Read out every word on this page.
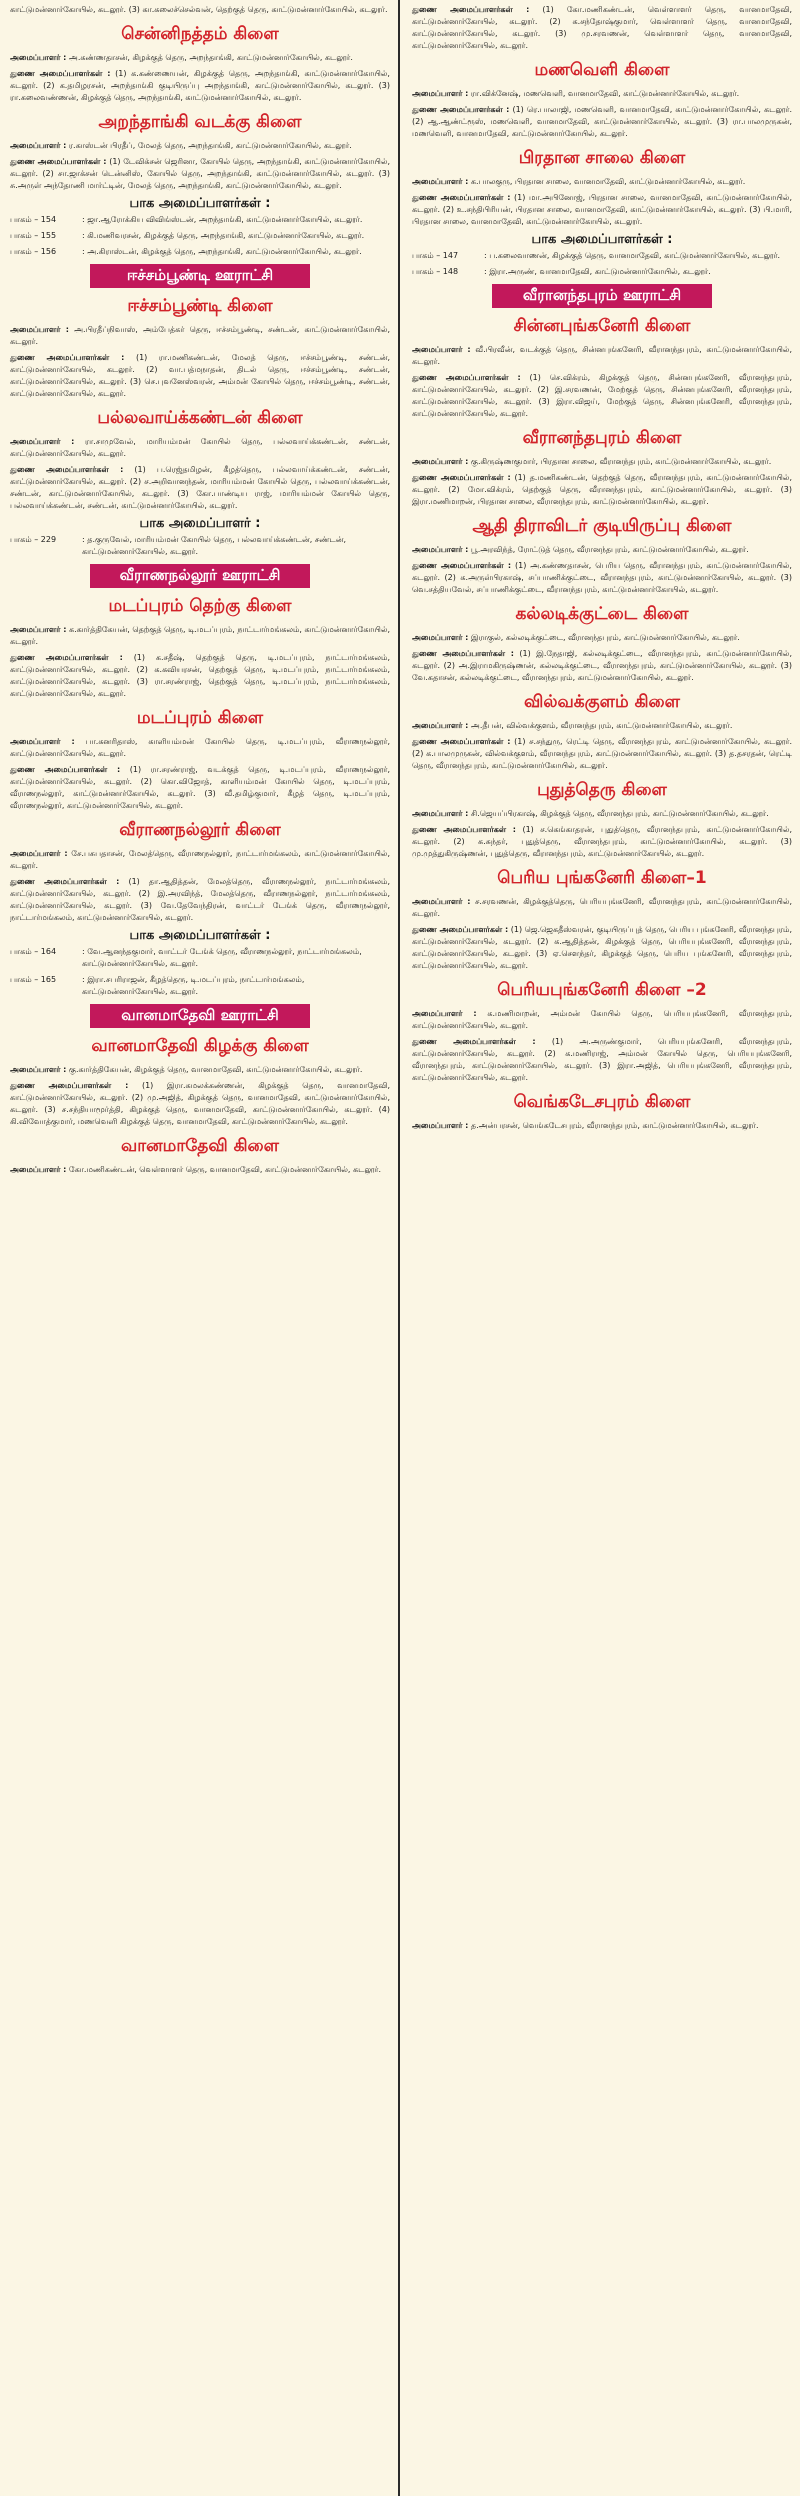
காட்டுமன்னார்கோயில், கடலூர். (3) கா.கலைச்செல்வன், தெற்குத் தெரு, காட்டுமன்னார்கோயில், கடலூர்.
சென்னிநத்தம் கிளை
அமைப்பாளர் : அ.கண்ணதாசன், கிழக்குத் தெரு, அறந்தாங்கி, காட்டுமன்னார்கோயில், கடலூர்.
துணை அமைப்பாளர்கள் : (1) க.கண்ணையன், கிழக்குத் தெரு, அறந்தாங்கி, காட்டுமன்னார்கோயில், கடலூர். (2) க.தமிழரசன், அறந்தாங்கி குடியிருப்பு அறந்தாங்கி, காட்டுமன்னார்கோயில், கடலூர். (3) ரா.கலைவண்ணன், கிழக்குத் தெரு, அறந்தாங்கி, காட்டுமன்னார்கோயில், கடலூர்.
அறந்தாங்கி வடக்கு கிளை
அமைப்பாளர் : ர.காஸ்டன் பிரதீப், மேலத் தெரு, அறந்தாங்கி, காட்டுமன்னார்கோயில், கடலூர்.
துணை அமைப்பாளர்கள் : (1) டேவிக்சன் ஜெரினா, கோயில் தெரு, அறந்தாங்கி, காட்டுமன்னார்கோயில், கடலூர். (2) சா.ஜாக்சன் டென்னிஸ், கோயில் தெரு, அறந்தாங்கி, காட்டுமன்னார்கோயில், கடலூர். (3) சு.அருள் அந்தோணி மார்ட்டின், மேலத் தெரு, அறந்தாங்கி, காட்டுமன்னார்கோயில், கடலூர்.
பாக அமைப்பாளர்கள் :
பாகம் – 154	: ஜா.ஆரோக்கிய விவிங்ஸ்டன், அறந்தாங்கி, காட்டுமன்னார்கோயில், கடலூர்.
பாகம் – 155	: கி.மணிவரசன், கிழக்குத் தெரு, அறந்தாங்கி, காட்டுமன்னார்கோயில், கடலூர்.
பாகம் – 156	: அ.கிராஸ்டன், கிழக்குத் தெரு, அறந்தாங்கி, காட்டுமன்னார்கோயில், கடலூர்.
ஈச்சம்பூண்டி ஊராட்சி
ஈச்சம்பூண்டி கிளை
அமைப்பாளர் : அ.பிரதீப்நிவாஸ், அம்பேத்கர் தெரு, ஈச்சம்பூண்டி, சண்டன், காட்டுமன்னார்கோயில், கடலூர்.
துணை அமைப்பாளர்கள் : (1) ரா.மணிகண்டன், மேலத் தெரு, ஈச்சம்பூண்டி, சண்டன், காட்டுமன்னார்கோயில், கடலூர். (2) வா.பத்மநாதன், திடல் தெரு, ஈச்சம்பூண்டி, சண்டன், காட்டுமன்னார்கோயில், கடலூர். (3) செ.புவனேஸ்வரன், அம்மன் கோயில் தெரு, ஈச்சம்பூண்டி, சண்டன், காட்டுமன்னார்கோயில், கடலூர்.
பல்லவாய்க்கண்டன் கிளை
அமைப்பாளர் : ரா.சாமுவேல், மாரியம்மன் கோயில் தெரு, பல்லவாய்க்கண்டன், சண்டன், காட்டுமன்னார்கோயில், கடலூர்.
துணை அமைப்பாளர்கள் : (1) ப.ரெஜ்தமிழன், கீழத்தெரு, பல்லவாய்க்கண்டன், சண்டன், காட்டுமன்னார்கோயில், கடலூர். (2) ச.அறிவானந்தன், மாரியம்மன் கோயில் தெரு, பல்லவாய்க்கண்டன், சண்டன், காட்டுமன்னார்கோயில், கடலூர். (3) கோ.பாண்டிய ராஜ், மாரியம்மன் கோயில் தெரு, பல்லவாய்க்கண்டன், சண்டன், காட்டுமன்னார்கோயில், கடலூர்.
பாக அமைப்பாளர் :
பாகம் – 229	: த.குருவேல், மாரியம்மன் கோயில் தெரு, பல்லவாய்க்கண்டன், சண்டன், காட்டுமன்னார்கோயில், கடலூர்.
வீராணநல்லூர் ஊராட்சி
மடப்புரம் தெற்கு கிளை
அமைப்பாளர் : க.கார்த்திகேயன், தெற்குத் தெரு, டி.மடப்புரம், நாட்டார்மங்கலம், காட்டுமன்னார்கோயில், கடலூர்.
துணை அமைப்பாளர்கள் : (1) க.சதீஷ், தெற்குத் தெரு, டி.மடப்புரம், நாட்டார்மங்கலம், காட்டுமன்னார்கோயில், கடலூர். (2) க.கவியரசன், தெற்குத் தெரு, டி.மடப்புரம், நாட்டார்மங்கலம், காட்டுமன்னார்கோயில், கடலூர். (3) ரா.சரண்ராஜ், தெற்குத் தெரு, டி.மடப்புரம், நாட்டார்மங்கலம், காட்டுமன்னார்கோயில், கடலூர்.
மடப்புரம் கிளை
அமைப்பாளர் : பா.கனரிதாஸ், காளியம்மன் கோயில் தெரு, டி.மடப்புரம், வீராணநல்லூர், காட்டுமன்னார்கோயில், கடலூர்.
துணை அமைப்பாளர்கள் : (1) ரா.சரண்ராஜ், வடக்குத் தெரு, டி.மடப்புரம், வீராணநல்லூர், காட்டுமன்னார்கோயில், கடலூர். (2) கொ.விஜோத், காளியம்மன் கோயில் தெரு, டி.மடப்புரம், வீராணநல்லூர், காட்டுமன்னார்கோயில், கடலூர். (3) வீ.தமிழ்குமார், கீழத் தெரு, டி.மடப்புரம், வீராணநல்லூர், காட்டுமன்னார்கோயில், கடலூர்.
வீராணநல்லூர் கிளை
அமைப்பாளர் : சே.பசுபதாசன், மேலத்தெரு, வீராணநல்லூர், நாட்டார்மங்கலம், காட்டுமன்னார்கோயில், கடலூர்.
துணை அமைப்பாளர்கள் : (1) தா.ஆதித்தன், மேலத்தெரு, வீராணநல்லூர், நாட்டார்மங்கலம், காட்டுமன்னார்கோயில், கடலூர். (2) இ.அரவிந்த், மேலத்தெரு, வீராணநல்லூர், நாட்டார்மங்கலம், காட்டுமன்னார்கோயில், கடலூர். (3) வே.தேவேந்திரன், வாட்டர் டேங்க் தெரு, வீராணநல்லூர், நாட்டார்மங்கலம், காட்டுமன்னார்கோயில், கடலூர்.
பாக அமைப்பாளர்கள் :
பாகம் – 164	: வே.ஆனந்தகுமார், வாட்டர் டேங்க் தெரு, வீராணநல்லூர், நாட்டார்மங்கலம், காட்டுமன்னார்கோயில், கடலூர்.
பாகம் – 165	: இரா.சபரிராஜன், கீழத்தெரு, டி.மடப்புரம், நாட்டார்மங்கலம், காட்டுமன்னார்கோயில், கடலூர்.
வானமாதேவி ஊராட்சி
வானமாதேவி கிழக்கு கிளை
அமைப்பாளர் : கு.கார்த்திகேயன், கிழக்குத் தெரு, வானமாதேவி, காட்டுமன்னார்கோயில், கடலூர்.
துணை அமைப்பாளர்கள் : (1) இரா.கமலக்கண்ணன், கிழக்குத் தெரு, வானமாதேவி, காட்டுமன்னார்கோயில், கடலூர். (2) மு.அஜித், கிழக்குத் தெரு, வானமாதேவி, காட்டுமன்னார்கோயில், கடலூர். (3) ச.சந்தியாமூர்த்தி, கிழக்குத் தெரு, வானமாதேவி, காட்டுமன்னார்கோயில், கடலூர். (4) கி.விவோத்குமார், மணவெளி கிழக்குத் தெரு, வானமாதேவி, காட்டுமன்னார்கோயில், கடலூர்.
வானமாதேவி கிளை
அமைப்பாளர் : கோ.மணிகண்டன், வெள்ளாளர் தெரு, வானமாதேவி, காட்டுமன்னார்கோயில், கடலூர்.
துணை அமைப்பாளர்கள் : (1) கோ.மணிகண்டன், வெள்ளாளர் தெரு, வானமாதேவி, காட்டுமன்னார்கோயில், கடலூர். (2) க.சந்தோஷ்குமார், வெள்ளாளர் தெரு, வானமாதேவி, காட்டுமன்னார்கோயில், கடலூர். (3) மு.சரவணன், வெள்ளாளர் தெரு, வானமாதேவி, காட்டுமன்னார்கோயில், கடலூர்.
மணவெளி கிளை
அமைப்பாளர் : ரா.விக்னேஷ், மணவெளி, வானமாதேவி, காட்டுமன்னார்கோயில், கடலூர்.
துணை அமைப்பாளர்கள் : (1) ரெ.பாலாஜி, மணவெளி, வானமாதேவி, காட்டுமன்னார்கோயில், கடலூர். (2) ஆ.ஆண்ட்ரூஸ், மணவெளி, வானமாதேவி, காட்டுமன்னார்கோயில், கடலூர். (3) ரா.பாலமுருகன், மணவெளி, வானமாதேவி, காட்டுமன்னார்கோயில், கடலூர்.
பிரதான சாலை கிளை
அமைப்பாளர் : க.பாலகுரு, பிரதான சாலை, வானமாதேவி, காட்டுமன்னார்கோயில், கடலூர்.
துணை அமைப்பாளர்கள் : (1) மா.அபினோஜ், பிரதான சாலை, வானமாதேவி, காட்டுமன்னார்கோயில், கடலூர். (2) உ.சந்திபிரியன், பிரதான சாலை, வானமாதேவி, காட்டுமன்னார்கோயில், கடலூர். (3) பி.மாரி, பிரதான சாலை, வானமாதேவி, காட்டுமன்னார்கோயில், கடலூர்.
பாக அமைப்பாளர்கள் :
பாகம் – 147	: ப.கலைவாணன், கிழக்குத் தெரு, வானமாதேவி, காட்டுமன்னார்கோயில், கடலூர்.
பாகம் – 148	: இரா.அருண், வானமாதேவி, காட்டுமன்னார்கோயில், கடலூர்.
வீரானந்தபுரம் ஊராட்சி
சின்னபுங்கனேரி கிளை
அமைப்பாளர் : வீ.பிரவீன், வடக்குத் தெரு, சின்னபுங்கனேரி, வீரானந்தபுரம், காட்டுமன்னார்கோயில், கடலூர்.
துணை அமைப்பாளர்கள் : (1) செ.விக்ரம், கிழக்குத் தெரு, சின்னபுங்கனேரி, வீரானந்தபுரம், காட்டுமன்னார்கோயில், கடலூர். (2) இ.சரவணன், மேற்குத் தெரு, சின்னபுங்கனேரி, வீரானந்தபுரம், காட்டுமன்னார்கோயில், கடலூர். (3) இரா.விஜய், மேற்குத் தெரு, சின்னபுங்கனேரி, வீரானந்தபுரம், காட்டுமன்னார்கோயில், கடலூர்.
வீரானந்தபுரம் கிளை
அமைப்பாளர் : கு.கிருஷ்ணகுமார், பிரதான சாலை, வீரானந்தபுரம், காட்டுமன்னார்கோயில், கடலூர்.
துணை அமைப்பாளர்கள் : (1) த.மணிகண்டன், தெற்குத் தெரு, வீரானந்தபுரம், காட்டுமன்னார்கோயில், கடலூர். (2) மோ.விக்ரம், தெற்குத் தெரு, வீரானந்தபுரம், காட்டுமன்னார்கோயில், கடலூர். (3) இரா.மணிமாறன், பிரதான சாலை, வீரானந்தபுரம், காட்டுமன்னார்கோயில், கடலூர்.
ஆதி திராவிடர் குடியிருப்பு கிளை
அமைப்பாளர் : பூ.அரவிந்த், ரோட்டுத் தெரு, வீரானந்தபுரம், காட்டுமன்னார்கோயில், கடலூர்.
துணை அமைப்பாளர்கள் : (1) அ.கண்ணதாசன், பெரிய தெரு, வீரானந்தபுரம், காட்டுமன்னார்கோயில், கடலூர். (2) க.அருள்பிரகாஷ், சப்பாணிக்குட்டை, வீரானந்தபுரம், காட்டுமன்னார்கோயில், கடலூர். (3) வெ.சத்தியவேல், சப்பாணிக்குட்டை, வீரானந்தபுரம், காட்டுமன்னார்கோயில், கடலூர்.
கல்லடிக்குட்டை கிளை
அமைப்பாளர் : இராகுல், கல்லடிக்குட்டை, வீரானந்தபுரம், காட்டுமன்னார்கோயில், கடலூர்.
துணை அமைப்பாளர்கள் : (1) இ.நேதாஜி, கல்லடிக்குட்டை, வீரானந்தபுரம், காட்டுமன்னார்கோயில், கடலூர். (2) அ.இராமகிருஷ்ணன், கல்லடிக்குட்டை, வீரானந்தபுரம், காட்டுமன்னார்கோயில், கடலூர். (3) வே.கதாசன், கல்லடிக்குட்டை, வீரானந்தபுரம், காட்டுமன்னார்கோயில், கடலூர்.
வில்வக்குளம் கிளை
அமைப்பாளர் : அ.தீபன், வில்வக்குளம், வீரானந்தபுரம், காட்டுமன்னார்கோயில், கடலூர்.
துணை அமைப்பாளர்கள் : (1) ச.சந்துரு, ரெட்டி தெரு, வீரானந்தபுரம், காட்டுமன்னார்கோயில், கடலூர். (2) க.பாலமுருகன், வில்வக்குளம், வீரானந்தபுரம், காட்டுமன்னார்கோயில், கடலூர். (3) த.தசரதன், ரெட்டி தெரு, வீரானந்தபுரம், காட்டுமன்னார்கோயில், கடலூர்.
புதுத்தெரு கிளை
அமைப்பாளர் : சி.ஜெயப்பிரகாஷ், கிழக்குத் தெரு, வீரானந்தபுரம், காட்டுமன்னார்கோயில், கடலூர்.
துணை அமைப்பாளர்கள் : (1) ச.கெங்காதரன், புதுத்தெரு, வீரானந்தபுரம், காட்டுமன்னார்கோயில், கடலூர். (2) க.சுந்தர், புதுத்தெரு, வீரானந்தபுரம், காட்டுமன்னார்கோயில், கடலூர். (3) மு.முத்துகிருஷ்ணன், புதுத்தெரு, வீரானந்தபுரம், காட்டுமன்னார்கோயில், கடலூர்.
பெரிய புங்கனேரி கிளை–1
அமைப்பாளர் : ச.சரவணன், கிழக்குத்தெரு, பெரியபுங்கனேரி, வீரானந்தபுரம், காட்டுமன்னார்கோயில், கடலூர்.
துணை அமைப்பாளர்கள் : (1) ஜெ.ஜெகதீஸ்வரன், குடியிருப்புத் தெரு, பெரிய புங்கனேரி, வீரானந்தபுரம், காட்டுமன்னார்கோயில், கடலூர். (2) க.ஆதித்தன், கிழக்குத் தெரு, பெரியபுங்கனேரி, வீரானந்தபுரம், காட்டுமன்னார்கோயில், கடலூர். (3) ஏ.செளந்தர், கிழக்குத் தெரு, பெரிய புங்கனேரி, வீரானந்தபுரம், காட்டுமன்னார்கோயில், கடலூர்.
பெரியபுங்கனேரி கிளை –2
அமைப்பாளர் : க.மணிமாறன், அம்மன் கோயில் தெரு, பெரியபுங்கனேரி, வீரானந்தபுரம், காட்டுமன்னார்கோயில், கடலூர்.
துணை அமைப்பாளர்கள் : (1) அ.அருண்குமார், பெரியபுங்கனேரி, வீரானந்தபுரம், காட்டுமன்னார்கோயில், கடலூர். (2) க.மணிராஜ், அம்மன் கோயில் தெரு, பெரியபுங்கனேரி, வீரானந்தபுரம், காட்டுமன்னார்கோயில், கடலூர். (3) இரா.அஜித், பெரியபுங்கனேரி, வீரானந்தபுரம், காட்டுமன்னார்கோயில், கடலூர்.
வெங்கடேசபுரம் கிளை
அமைப்பாளர் : த.அன்பரசன், வெங்கடேசபுரம், வீரானந்தபுரம், காட்டுமன்னார்கோயில், கடலூர்.
